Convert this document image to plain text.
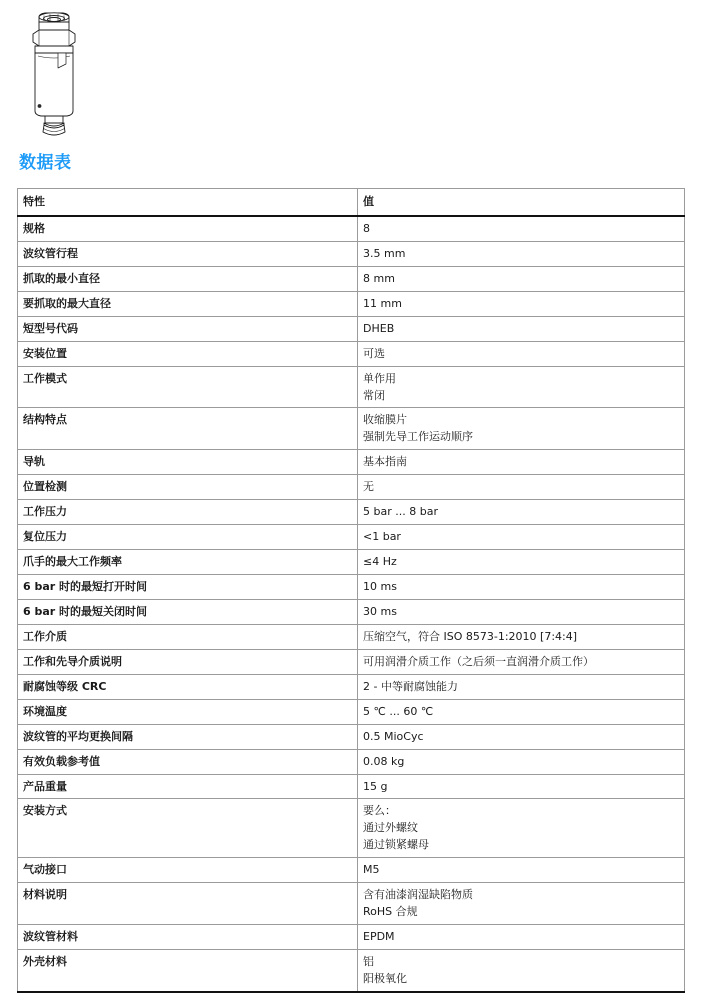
数据表
特性	值
规格	8

波纹管行程	3.5 mm

抓取的最小直径	8 mm

要抓取的最大直径	11 mm

短型号代码	DHEB

安装位置	可选

工作模式	单作用
常闭

结构特点	收缩膜片
强制先导工作运动顺序

导轨	基本指南

位置检测	无

工作压力	5 bar ... 8 bar

复位压力	<1 bar

爪手的最大工作频率	≤4 Hz

6 bar 时的最短打开时间	10 ms

6 bar 时的最短关闭时间	30 ms

工作介质	压缩空气，符合 ISO 8573-1:2010 [7:4:4]

工作和先导介质说明	可用润滑介质工作（之后须一直润滑介质工作）

耐腐蚀等级 CRC	2 - 中等耐腐蚀能力

环境温度	5 ℃ ... 60 ℃

波纹管的平均更换间隔	0.5 MioCyc

有效负载参考值	0.08 kg

产品重量	15 g

安装方式	要么：
通过外螺纹
通过锁紧螺母

气动接口	M5

材料说明	含有油漆润湿缺陷物质
RoHS 合规

波纹管材料	EPDM

外壳材料	铝
阳极氧化
